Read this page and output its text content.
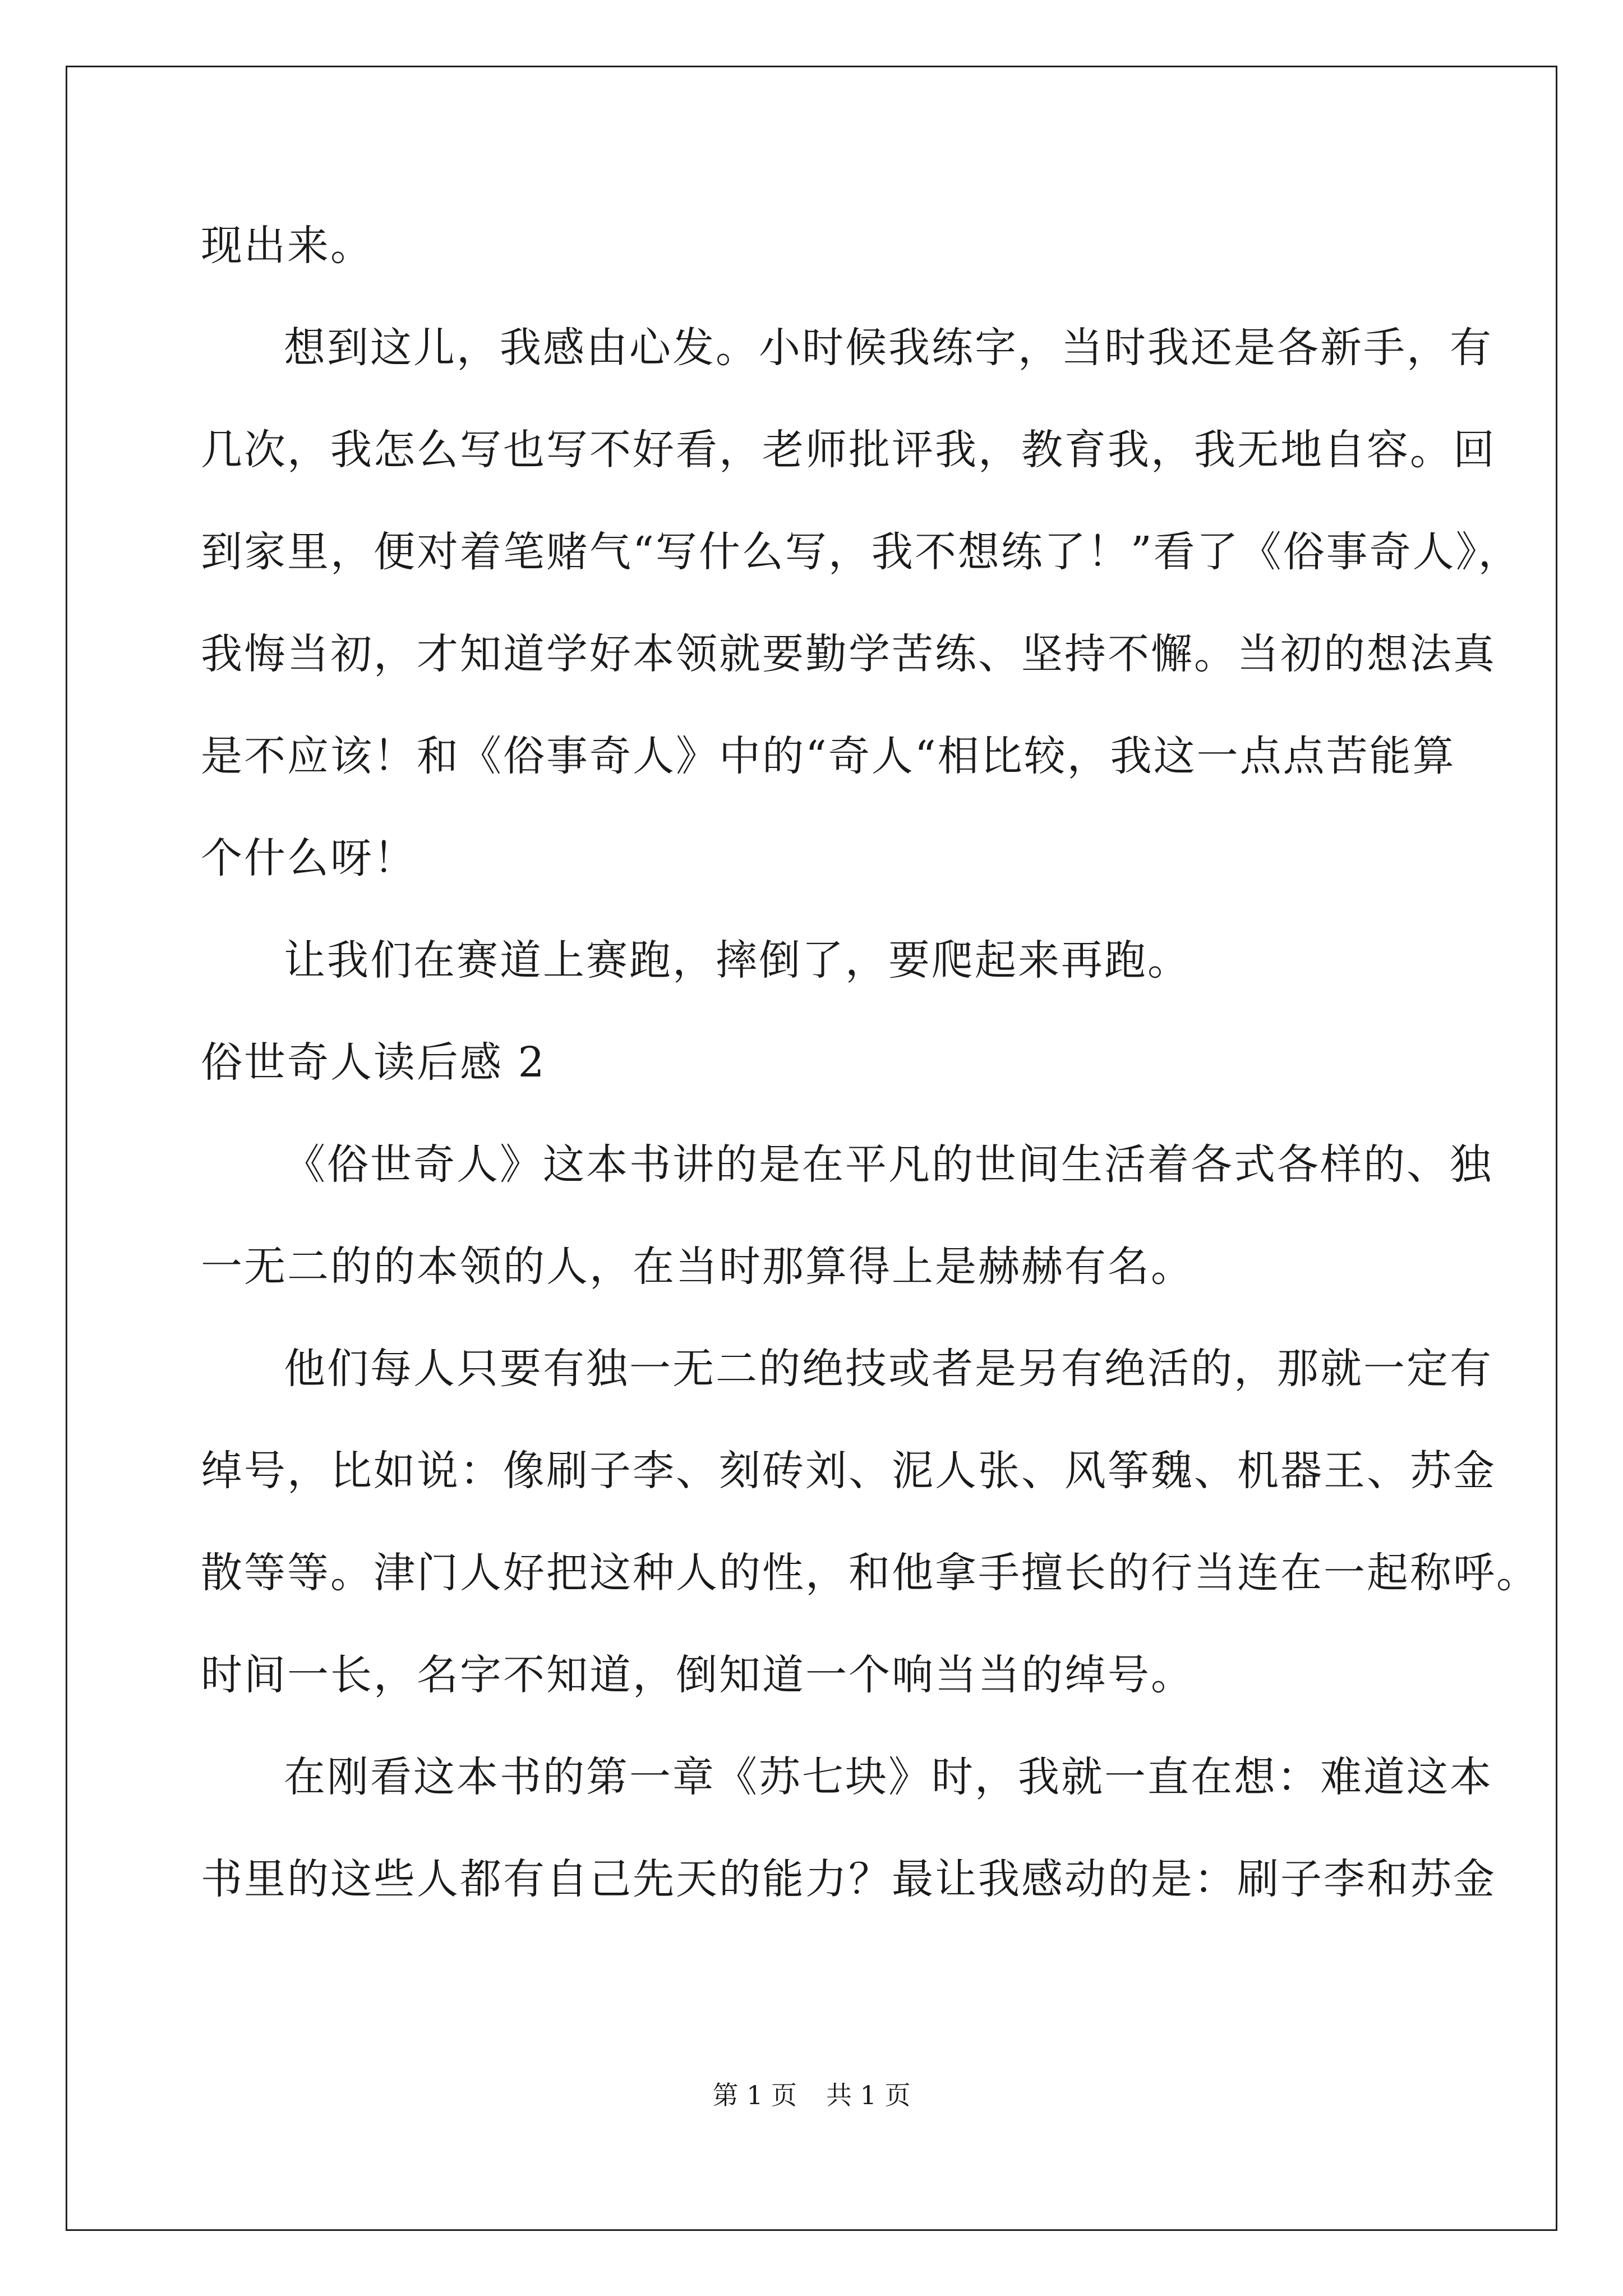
现出来。
想到这儿，我感由心发。小时候我练字，当时我还是各新手，有
几次，我怎么写也写不好看，老师批评我，教育我，我无地自容。回
到家里，便对着笔赌气“写什么写，我不想练了！”看了《俗事奇人》，
我悔当初，才知道学好本领就要勤学苦练、坚持不懈。当初的想法真
是不应该！和《俗事奇人》中的“奇人“相比较，我这一点点苦能算
个什么呀！
让我们在赛道上赛跑，摔倒了，要爬起来再跑。
俗世奇人读后感 2
《俗世奇人》这本书讲的是在平凡的世间生活着各式各样的、独
一无二的的本领的人，在当时那算得上是赫赫有名。
他们每人只要有独一无二的绝技或者是另有绝活的，那就一定有
绰号，比如说：像刷子李、刻砖刘、泥人张、风筝魏、机器王、苏金
散等等。津门人好把这种人的性，和他拿手擅长的行当连在一起称呼。
时间一长，名字不知道，倒知道一个响当当的绰号。
在刚看这本书的第一章《苏七块》时，我就一直在想：难道这本
书里的这些人都有自己先天的能力？最让我感动的是：刷子李和苏金
第 1 页 共 1 页
